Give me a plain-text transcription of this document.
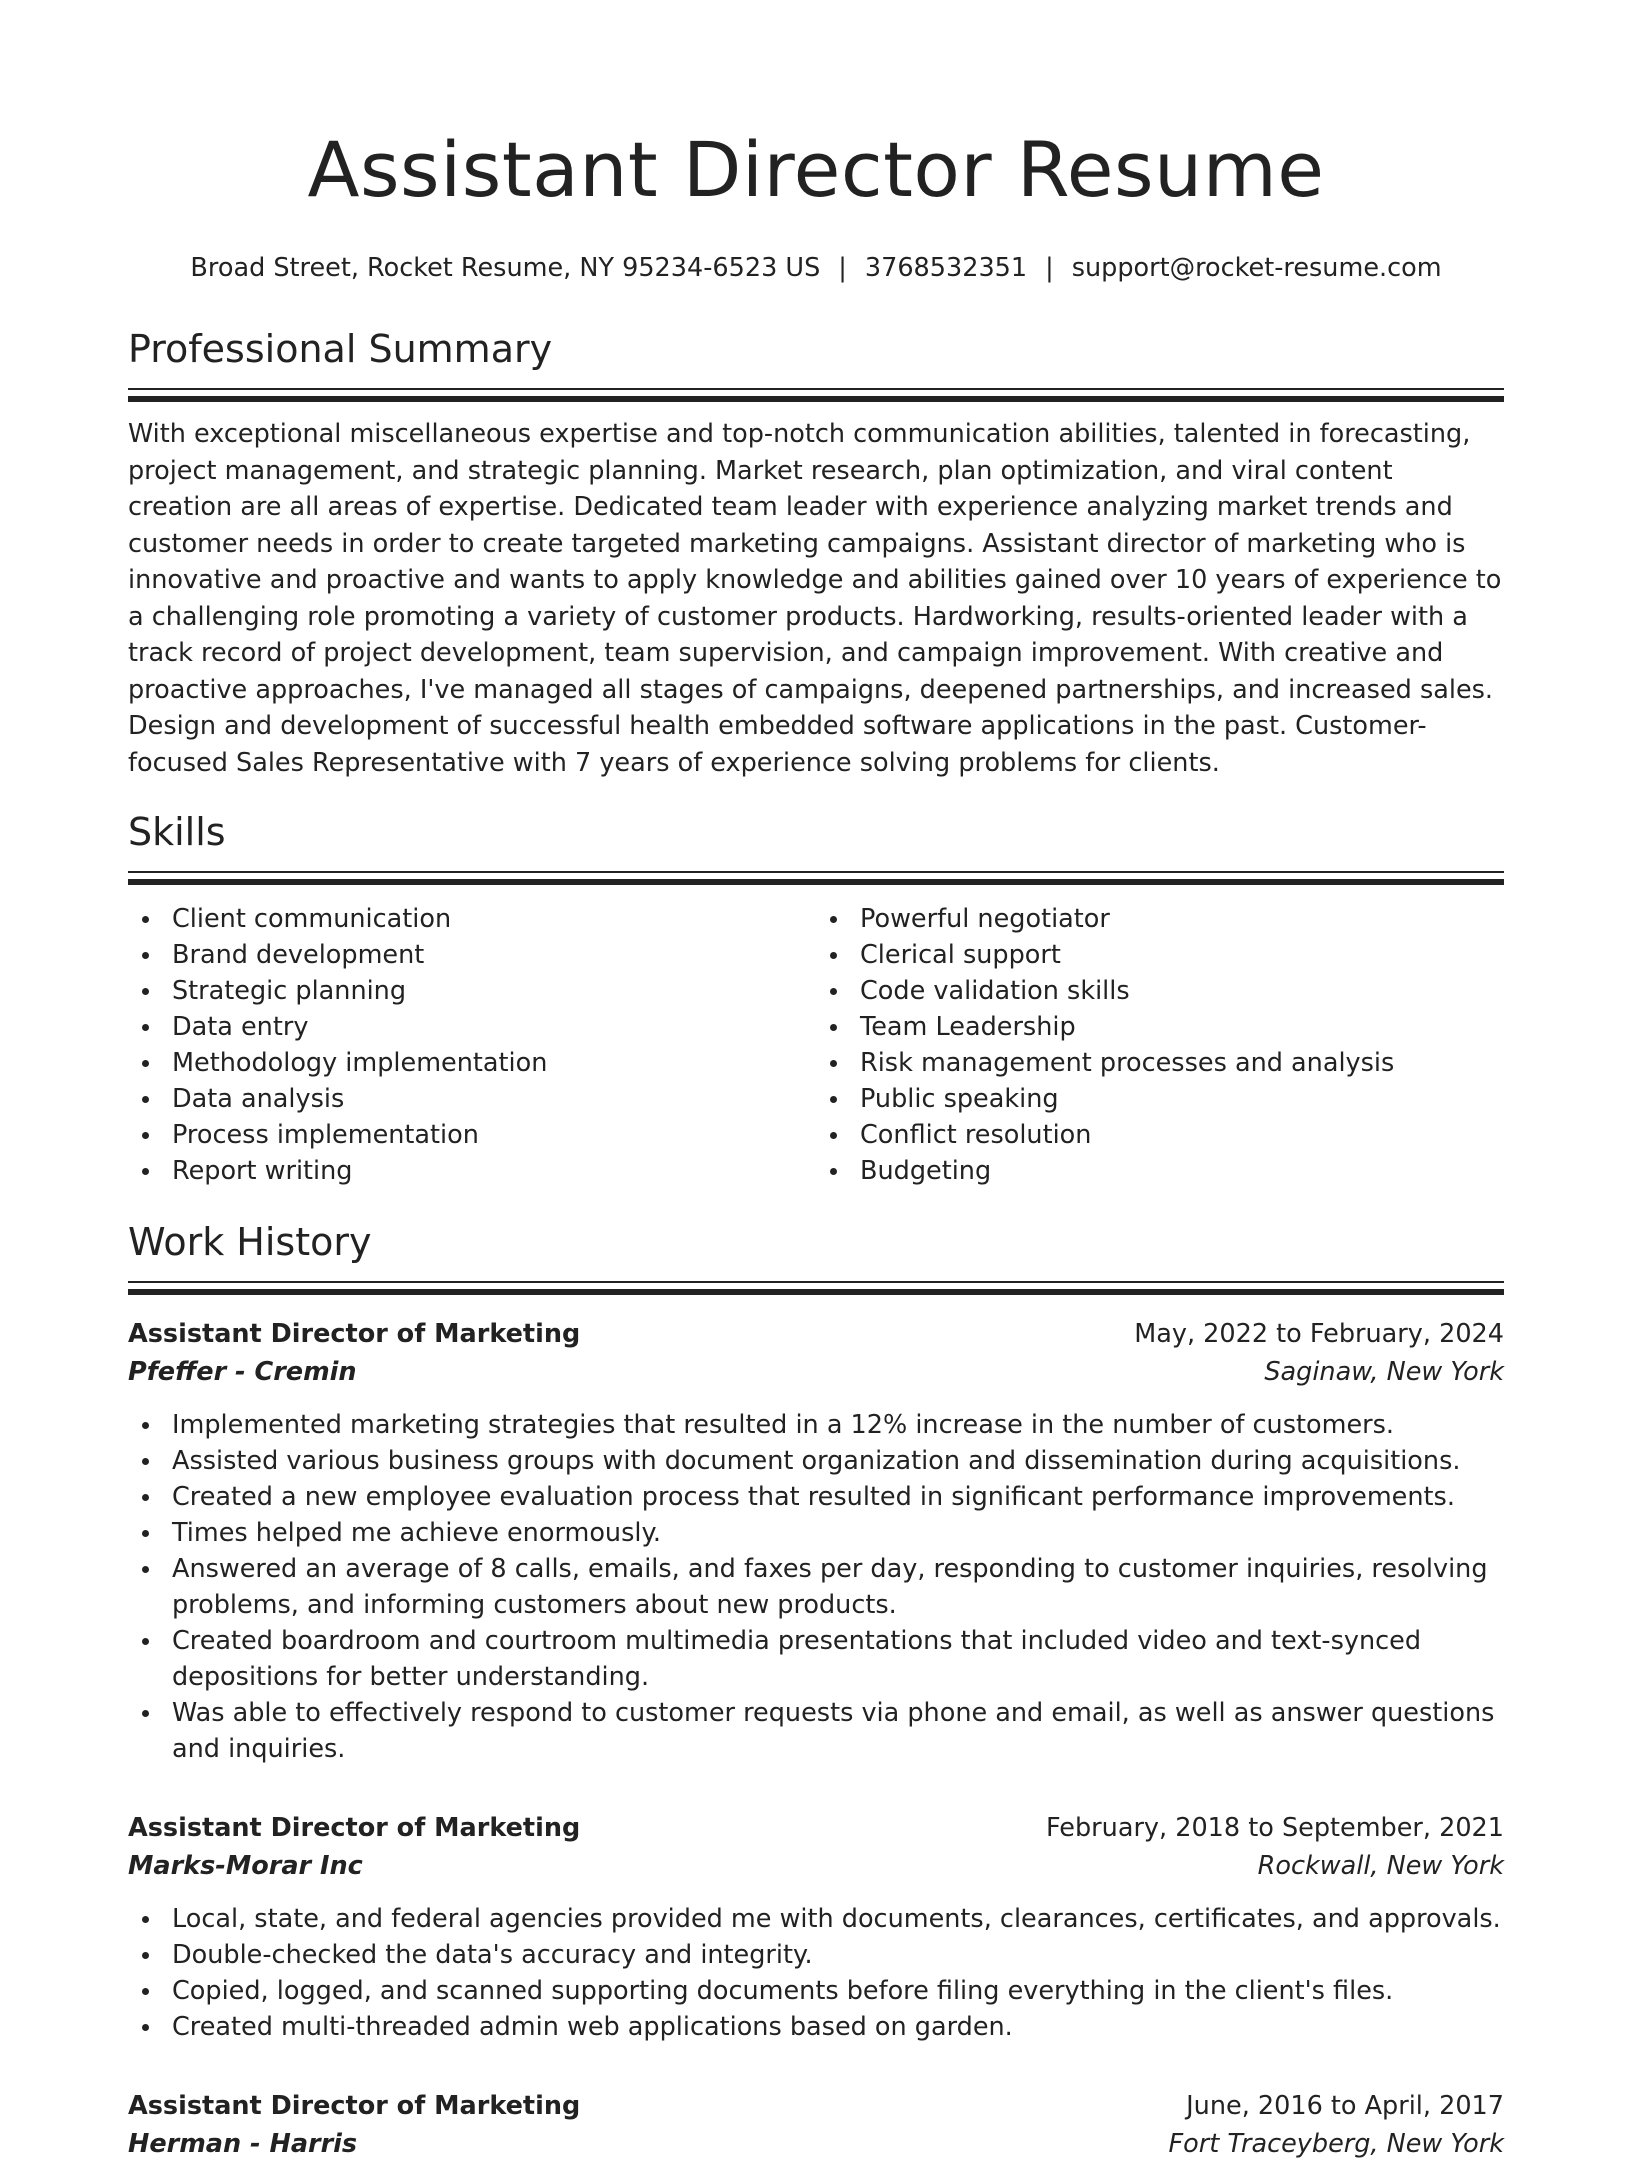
Assistant Director Resume
Broad Street, Rocket Resume, NY 95234-6523 US | 3768532351 | support@rocket-resume.com
Professional Summary

With exceptional miscellaneous expertise and top-notch communication abilities, talented in forecasting, project management, and strategic planning. Market research, plan optimization, and viral content creation are all areas of expertise. Dedicated team leader with experience analyzing market trends and customer needs in order to create targeted marketing campaigns. Assistant director of marketing who is innovative and proactive and wants to apply knowledge and abilities gained over 10 years of experience to a challenging role promoting a variety of customer products. Hardworking, results-oriented leader with a track record of project development, team supervision, and campaign improvement. With creative and proactive approaches, I've managed all stages of campaigns, deepened partnerships, and increased sales. Design and development of successful health embedded software applications in the past. Customer-focused Sales Representative with 7 years of experience solving problems for clients.

Skills
Client communication
Brand development
Strategic planning
Data entry
Methodology implementation
Data analysis
Process implementation
Report writing
Powerful negotiator
Clerical support
Code validation skills
Team Leadership
Risk management processes and analysis
Public speaking
Conflict resolution
Budgeting
Work History
Assistant Director of Marketing	May, 2022 to February, 2024
Pfeffer - Cremin	Saginaw, New York
Implemented marketing strategies that resulted in a 12% increase in the number of customers.
Assisted various business groups with document organization and dissemination during acquisitions.
Created a new employee evaluation process that resulted in significant performance improvements.
Times helped me achieve enormously.
Answered an average of 8 calls, emails, and faxes per day, responding to customer inquiries, resolving problems, and informing customers about new products.
Created boardroom and courtroom multimedia presentations that included video and text-synced depositions for better understanding.
Was able to effectively respond to customer requests via phone and email, as well as answer questions and inquiries.
Assistant Director of Marketing	February, 2018 to September, 2021
Marks-Morar Inc	Rockwall, New York
Local, state, and federal agencies provided me with documents, clearances, certificates, and approvals.
Double-checked the data's accuracy and integrity.
Copied, logged, and scanned supporting documents before filing everything in the client's files.
Created multi-threaded admin web applications based on garden.
Assistant Director of Marketing	June, 2016 to April, 2017
Herman - Harris	Fort Traceyberg, New York
